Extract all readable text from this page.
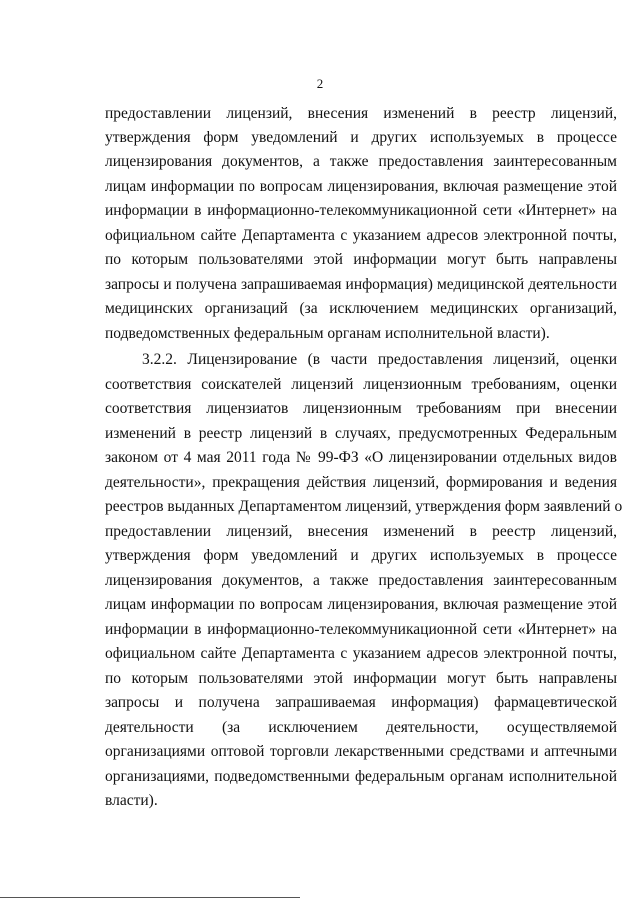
2
предоставлении лицензий, внесения изменений в реестр лицензий,
утверждения форм уведомлений и других используемых в процессе
лицензирования документов, а также предоставления заинтересованным
лицам информации по вопросам лицензирования, включая размещение этой
информации в информационно-телекоммуникационной сети «Интернет» на
официальном сайте Департамента с указанием адресов электронной почты,
по которым пользователями этой информации могут быть направлены
запросы и получена запрашиваемая информация) медицинской деятельности
медицинских организаций (за исключением медицинских организаций,
подведомственных федеральным органам исполнительной власти).
3.2.2. Лицензирование (в части предоставления лицензий, оценки
соответствия соискателей лицензий лицензионным требованиям, оценки
соответствия лицензиатов лицензионным требованиям при внесении
изменений в реестр лицензий в случаях, предусмотренных Федеральным
законом от 4 мая 2011 года № 99-ФЗ «О лицензировании отдельных видов
деятельности», прекращения действия лицензий, формирования и ведения
реестров выданных Департаментом лицензий, утверждения форм заявлений о
предоставлении лицензий, внесения изменений в реестр лицензий,
утверждения форм уведомлений и других используемых в процессе
лицензирования документов, а также предоставления заинтересованным
лицам информации по вопросам лицензирования, включая размещение этой
информации в информационно-телекоммуникационной сети «Интернет» на
официальном сайте Департамента с указанием адресов электронной почты,
по которым пользователями этой информации могут быть направлены
запросы и получена запрашиваемая информация) фармацевтической
деятельности (за исключением деятельности, осуществляемой
организациями оптовой торговли лекарственными средствами и аптечными
организациями, подведомственными федеральным органам исполнительной
власти).
